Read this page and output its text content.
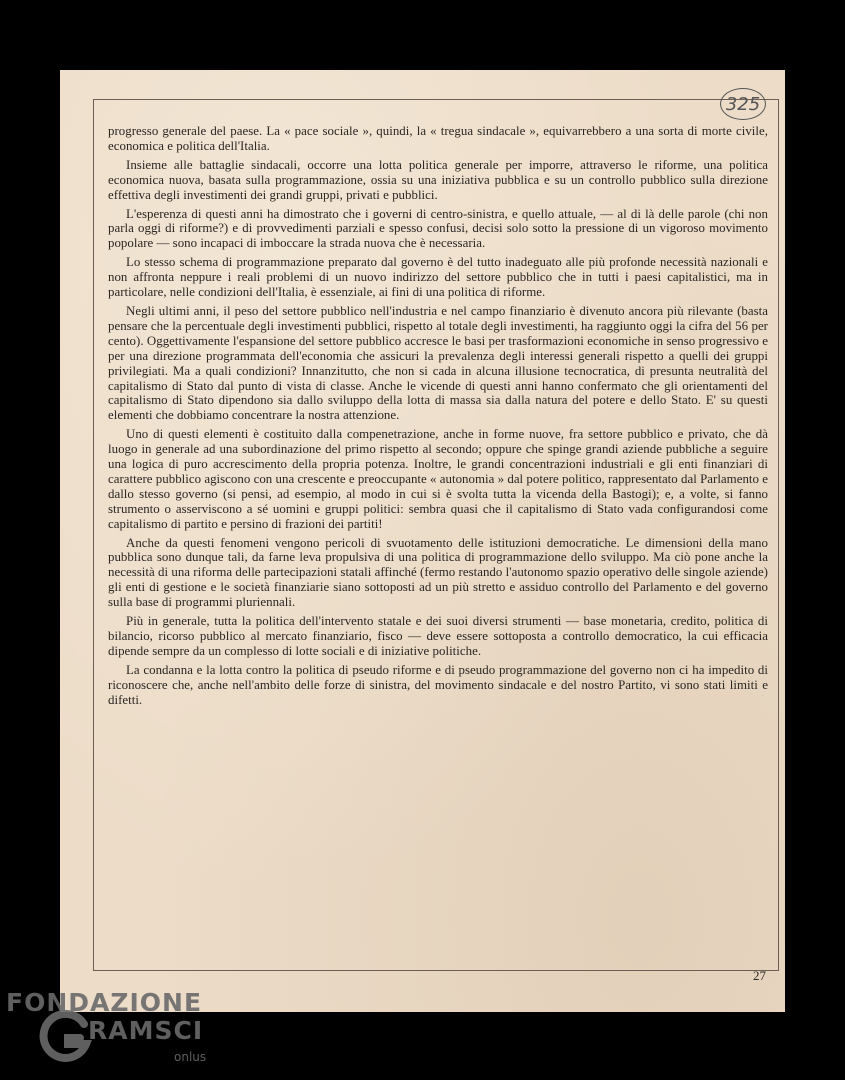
325

progresso generale del paese. La « pace sociale », quindi, la « tregua sindacale », equivarrebbero a una sorta di morte civile, economica e politica dell'Italia.

Insieme alle battaglie sindacali, occorre una lotta politica generale per imporre, attraverso le riforme, una politica economica nuova, basata sulla programmazione, ossia su una iniziativa pubblica e su un controllo pubblico sulla direzione effettiva degli investimenti dei grandi gruppi, privati e pubblici.

L'esperenza di questi anni ha dimostrato che i governi di centro-sinistra, e quello attuale, — al di là delle parole (chi non parla oggi di riforme?) e di provvedimenti parziali e spesso confusi, decisi solo sotto la pressione di un vigoroso movimento popolare — sono incapaci di imboccare la strada nuova che è necessaria.

Lo stesso schema di programmazione preparato dal governo è del tutto inadeguato alle più profonde necessità nazionali e non affronta neppure i reali problemi di un nuovo indirizzo del settore pubblico che in tutti i paesi capitalistici, ma in particolare, nelle condizioni dell'Italia, è essenziale, ai fini di una politica di riforme.

Negli ultimi anni, il peso del settore pubblico nell'industria e nel campo finanziario è divenuto ancora più rilevante (basta pensare che la percentuale degli investimenti pubblici, rispetto al totale degli investimenti, ha raggiunto oggi la cifra del 56 per cento). Oggettivamente l'espansione del settore pubblico accresce le basi per trasformazioni economiche in senso progressivo e per una direzione programmata dell'economia che assicuri la prevalenza degli interessi generali rispetto a quelli dei gruppi privilegiati. Ma a quali condizioni? Innanzitutto, che non si cada in alcuna illusione tecnocratica, di presunta neutralità del capitalismo di Stato dal punto di vista di classe. Anche le vicende di questi anni hanno confermato che gli orientamenti del capitalismo di Stato dipendono sia dallo sviluppo della lotta di massa sia dalla natura del potere e dello Stato. E' su questi elementi che dobbiamo concentrare la nostra attenzione.

Uno di questi elementi è costituito dalla compenetrazione, anche in forme nuove, fra settore pubblico e privato, che dà luogo in generale ad una subordinazione del primo rispetto al secondo; oppure che spinge grandi aziende pubbliche a seguire una logica di puro accrescimento della propria potenza. Inoltre, le grandi concentrazioni industriali e gli enti finanziari di carattere pubblico agiscono con una crescente e preoccupante « autonomia » dal potere politico, rappresentato dal Parlamento e dallo stesso governo (si pensi, ad esempio, al modo in cui si è svolta tutta la vicenda della Bastogi); e, a volte, si fanno strumento o asserviscono a sé uomini e gruppi politici: sembra quasi che il capitalismo di Stato vada configurandosi come capitalismo di partito e persino di frazioni dei partiti!

Anche da questi fenomeni vengono pericoli di svuotamento delle istituzioni democratiche. Le dimensioni della mano pubblica sono dunque tali, da farne leva propulsiva di una politica di programmazione dello sviluppo. Ma ciò pone anche la necessità di una riforma delle partecipazioni statali affinché (fermo restando l'autonomo spazio operativo delle singole aziende) gli enti di gestione e le società finanziarie siano sottoposti ad un più stretto e assiduo controllo del Parlamento e del governo sulla base di programmi pluriennali.

Più in generale, tutta la politica dell'intervento statale e dei suoi diversi strumenti — base monetaria, credito, politica di bilancio, ricorso pubblico al mercato finanziario, fisco — deve essere sottoposta a controllo democratico, la cui efficacia dipende sempre da un complesso di lotte sociali e di iniziative politiche.

La condanna e la lotta contro la politica di pseudo riforme e di pseudo programmazione del governo non ci ha impedito di riconoscere che, anche nell'ambito delle forze di sinistra, del movimento sindacale e del nostro Partito, vi sono stati limiti e difetti.

27
FONDAZIONE
RAMSCI
onlus
